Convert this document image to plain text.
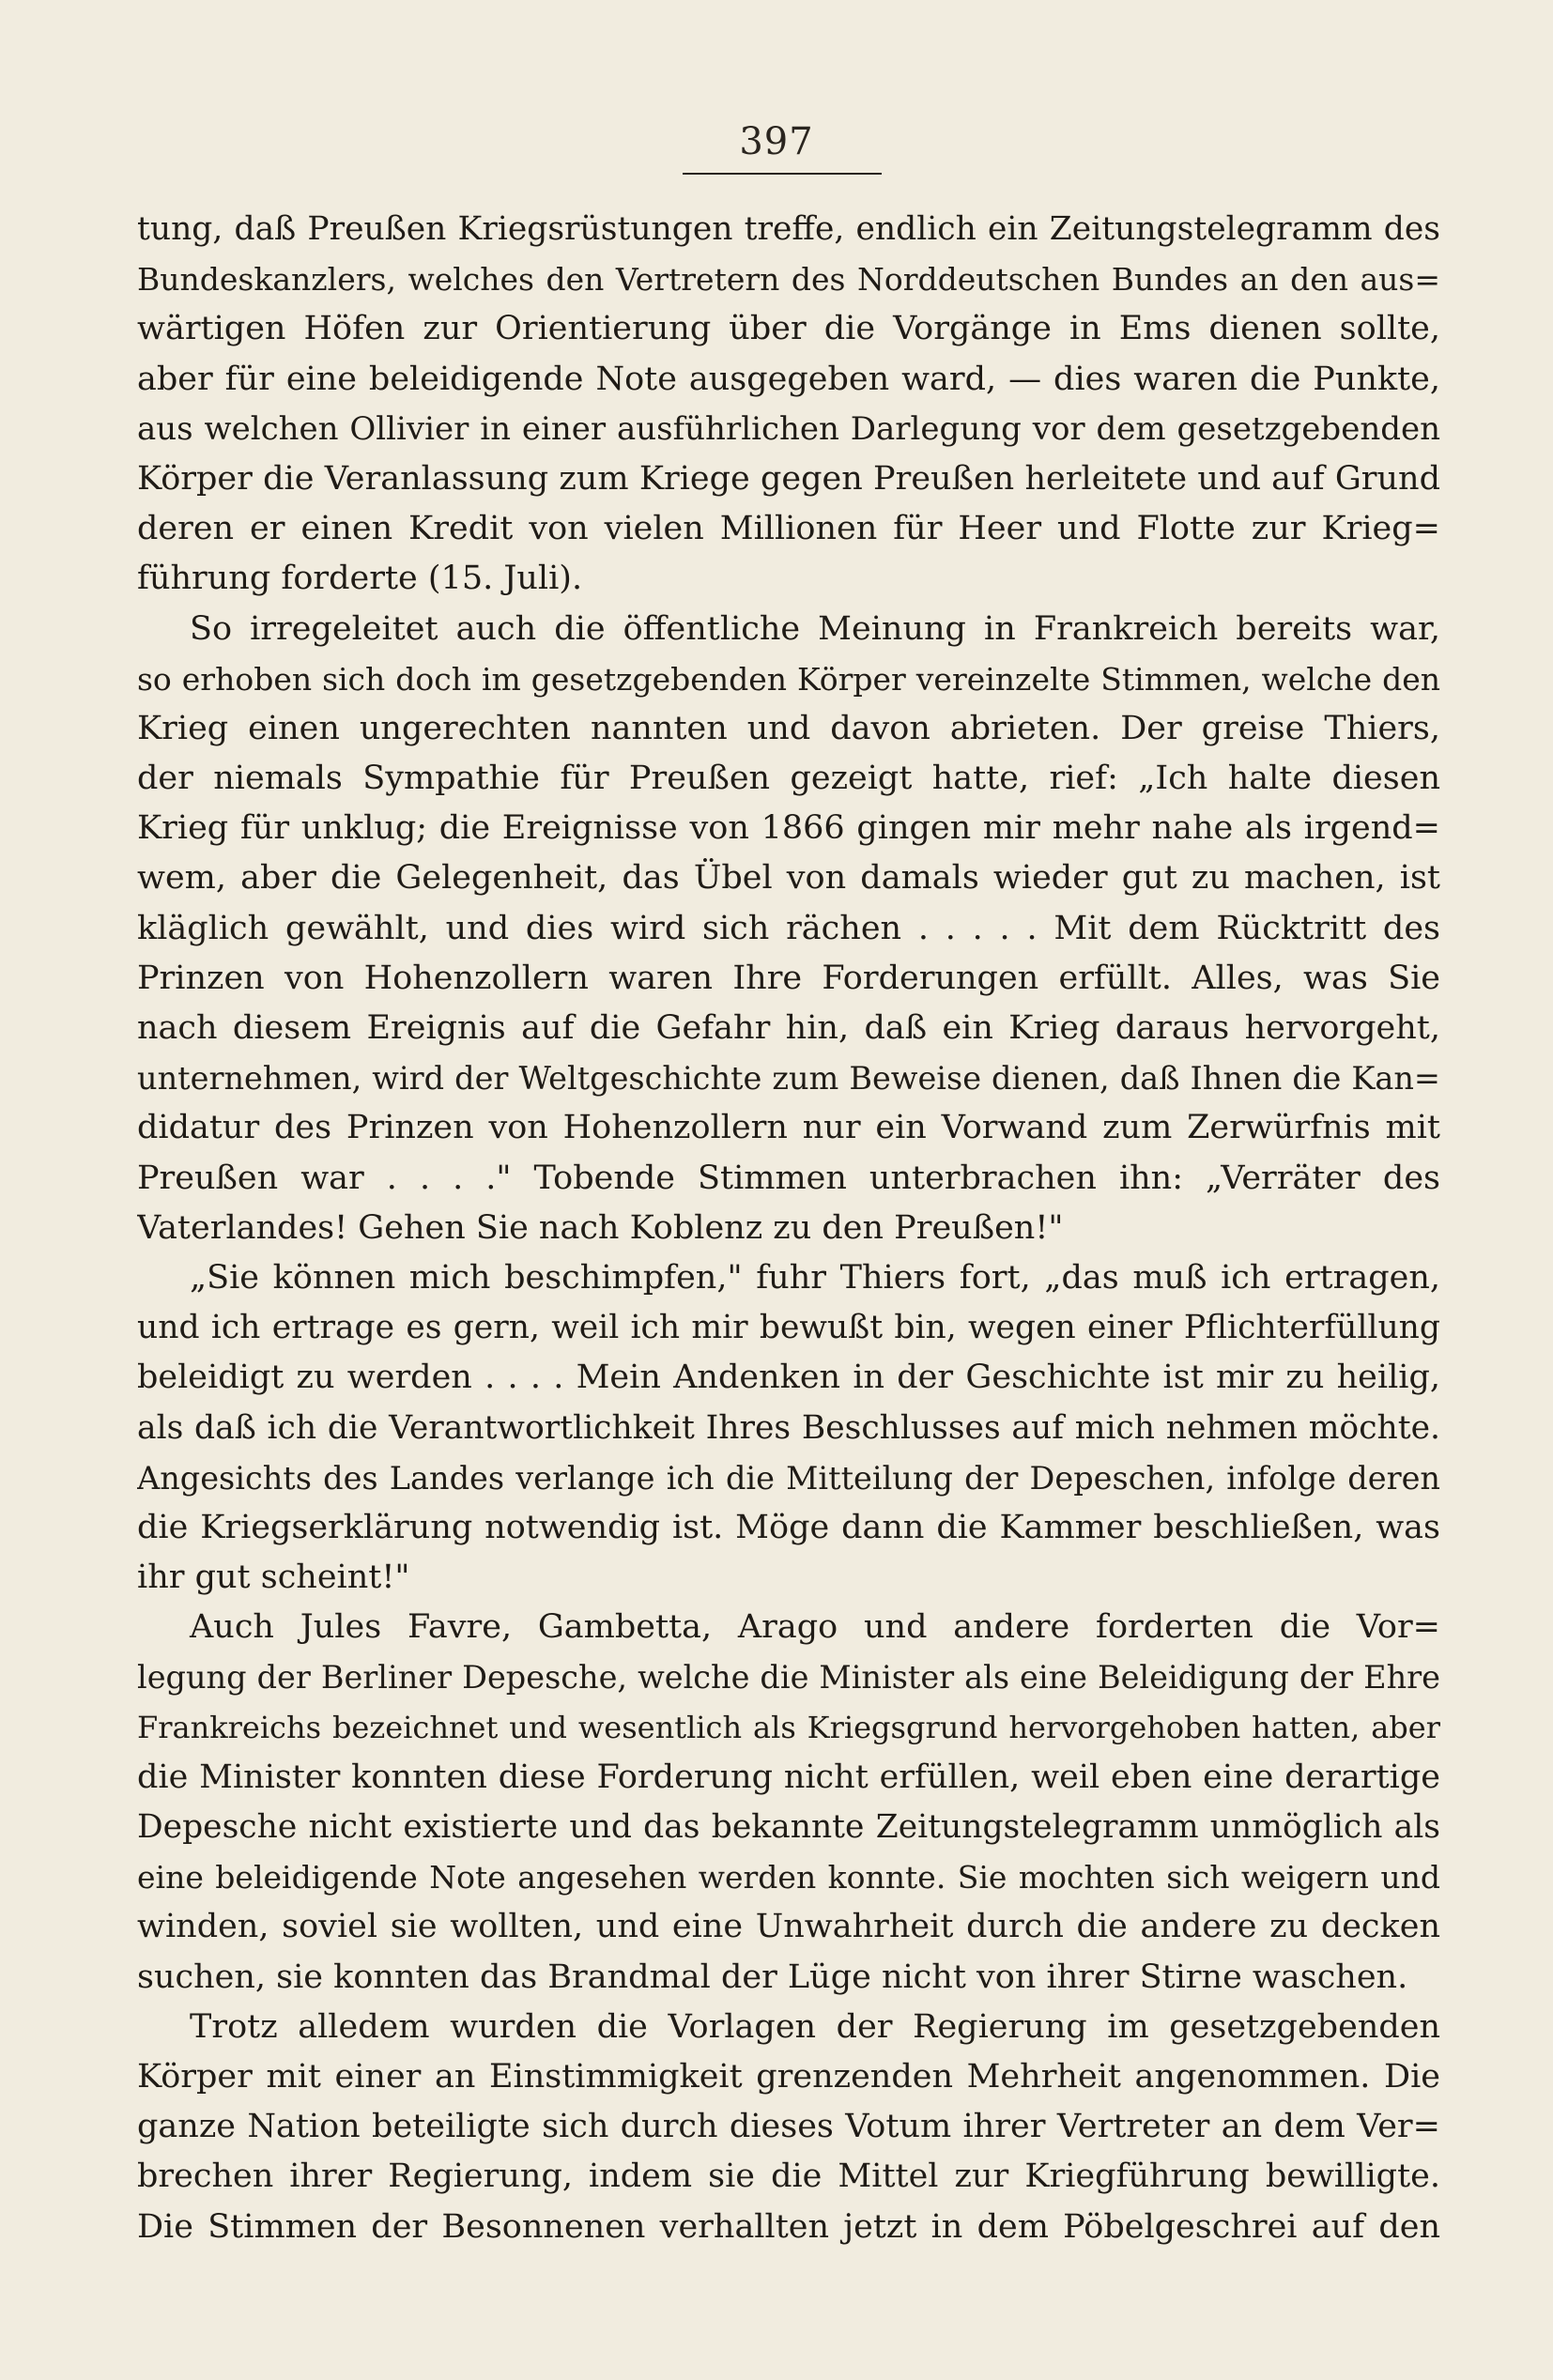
397
tung, daß Preußen Kriegsrüstungen treffe, endlich ein Zeitungstelegramm des
Bundeskanzlers, welches den Vertretern des Norddeutschen Bundes an den aus=
wärtigen Höfen zur Orientierung über die Vorgänge in Ems dienen sollte,
aber für eine beleidigende Note ausgegeben ward, — dies waren die Punkte,
aus welchen Ollivier in einer ausführlichen Darlegung vor dem gesetzgebenden
Körper die Veranlassung zum Kriege gegen Preußen herleitete und auf Grund
deren er einen Kredit von vielen Millionen für Heer und Flotte zur Krieg=
führung forderte (15. Juli).
So irregeleitet auch die öffentliche Meinung in Frankreich bereits war,
so erhoben sich doch im gesetzgebenden Körper vereinzelte Stimmen, welche den
Krieg einen ungerechten nannten und davon abrieten. Der greise Thiers,
der niemals Sympathie für Preußen gezeigt hatte, rief: „Ich halte diesen
Krieg für unklug; die Ereignisse von 1866 gingen mir mehr nahe als irgend=
wem, aber die Gelegenheit, das Übel von damals wieder gut zu machen, ist
kläglich gewählt, und dies wird sich rächen . . . . . Mit dem Rücktritt des
Prinzen von Hohenzollern waren Ihre Forderungen erfüllt. Alles, was Sie
nach diesem Ereignis auf die Gefahr hin, daß ein Krieg daraus hervorgeht,
unternehmen, wird der Weltgeschichte zum Beweise dienen, daß Ihnen die Kan=
didatur des Prinzen von Hohenzollern nur ein Vorwand zum Zerwürfnis mit
Preußen war . . . ." Tobende Stimmen unterbrachen ihn: „Verräter des
Vaterlandes! Gehen Sie nach Koblenz zu den Preußen!"
„Sie können mich beschimpfen," fuhr Thiers fort, „das muß ich ertragen,
und ich ertrage es gern, weil ich mir bewußt bin, wegen einer Pflichterfüllung
beleidigt zu werden . . . . Mein Andenken in der Geschichte ist mir zu heilig,
als daß ich die Verantwortlichkeit Ihres Beschlusses auf mich nehmen möchte.
Angesichts des Landes verlange ich die Mitteilung der Depeschen, infolge deren
die Kriegserklärung notwendig ist. Möge dann die Kammer beschließen, was
ihr gut scheint!"
Auch Jules Favre, Gambetta, Arago und andere forderten die Vor=
legung der Berliner Depesche, welche die Minister als eine Beleidigung der Ehre
Frankreichs bezeichnet und wesentlich als Kriegsgrund hervorgehoben hatten, aber
die Minister konnten diese Forderung nicht erfüllen, weil eben eine derartige
Depesche nicht existierte und das bekannte Zeitungstelegramm unmöglich als
eine beleidigende Note angesehen werden konnte. Sie mochten sich weigern und
winden, soviel sie wollten, und eine Unwahrheit durch die andere zu decken
suchen, sie konnten das Brandmal der Lüge nicht von ihrer Stirne waschen.
Trotz alledem wurden die Vorlagen der Regierung im gesetzgebenden
Körper mit einer an Einstimmigkeit grenzenden Mehrheit angenommen. Die
ganze Nation beteiligte sich durch dieses Votum ihrer Vertreter an dem Ver=
brechen ihrer Regierung, indem sie die Mittel zur Kriegführung bewilligte.
Die Stimmen der Besonnenen verhallten jetzt in dem Pöbelgeschrei auf den
